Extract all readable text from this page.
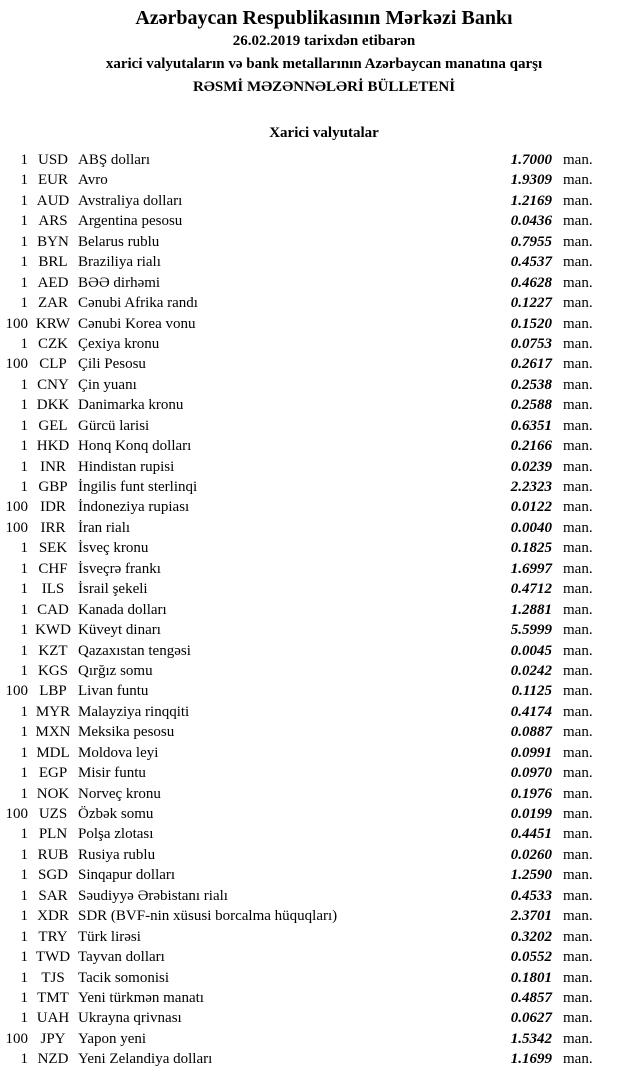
Azərbaycan Respublikasının Mərkəzi Bankı
26.02.2019 tarixdən etibarən
xarici valyutaların və bank metallarının Azərbaycan manatına qarşı
RƏSMİ MƏZƏNNƏLƏRİ BÜLLETENİ
Xarici valyutalar
1 USD ABŞ dolları	1.7000 man.
1 EUR Avro	1.9309 man.
1 AUD Avstraliya dolları	1.2169 man.
1 ARS Argentina pesosu	0.0436 man.
1 BYN Belarus rublu	0.7955 man.
1 BRL Braziliya rialı	0.4537 man.
1 AED BƏƏ dirhəmi	0.4628 man.
1 ZAR Cənubi Afrika randı	0.1227 man.
100 KRW Cənubi Korea vonu	0.1520 man.
1 CZK Çexiya kronu	0.0753 man.
100 CLP Çili Pesosu	0.2617 man.
1 CNY Çin yuanı	0.2538 man.
1 DKK Danimarka kronu	0.2588 man.
1 GEL Gürcü larisi	0.6351 man.
1 HKD Honq Konq dolları	0.2166 man.
1 INR Hindistan rupisi	0.0239 man.
1 GBP İngilis funt sterlinqi	2.2323 man.
100 IDR İndoneziya rupiası	0.0122 man.
100 IRR İran rialı	0.0040 man.
1 SEK İsveç kronu	0.1825 man.
1 CHF İsveçrə frankı	1.6997 man.
1 ILS İsrail şekeli	0.4712 man.
1 CAD Kanada dolları	1.2881 man.
1 KWD Küveyt dinarı	5.5999 man.
1 KZT Qazaxıstan tengəsi	0.0045 man.
1 KGS Qırğız somu	0.0242 man.
100 LBP Livan funtu	0.1125 man.
1 MYR Malayziya rinqqiti	0.4174 man.
1 MXN Meksika pesosu	0.0887 man.
1 MDL Moldova leyi	0.0991 man.
1 EGP Misir funtu	0.0970 man.
1 NOK Norveç kronu	0.1976 man.
100 UZS Özbək somu	0.0199 man.
1 PLN Polşa zlotası	0.4451 man.
1 RUB Rusiya rublu	0.0260 man.
1 SGD Sinqapur dolları	1.2590 man.
1 SAR Səudiyyə Ərəbistanı rialı	0.4533 man.
1 XDR SDR (BVF-nin xüsusi borcalma hüquqları)	2.3701 man.
1 TRY Türk lirəsi	0.3202 man.
1 TWD Tayvan dolları	0.0552 man.
1 TJS Tacik somonisi	0.1801 man.
1 TMT Yeni türkmən manatı	0.4857 man.
1 UAH Ukrayna qrivnası	0.0627 man.
100 JPY Yapon yeni	1.5342 man.
1 NZD Yeni Zelandiya dolları	1.1699 man.
